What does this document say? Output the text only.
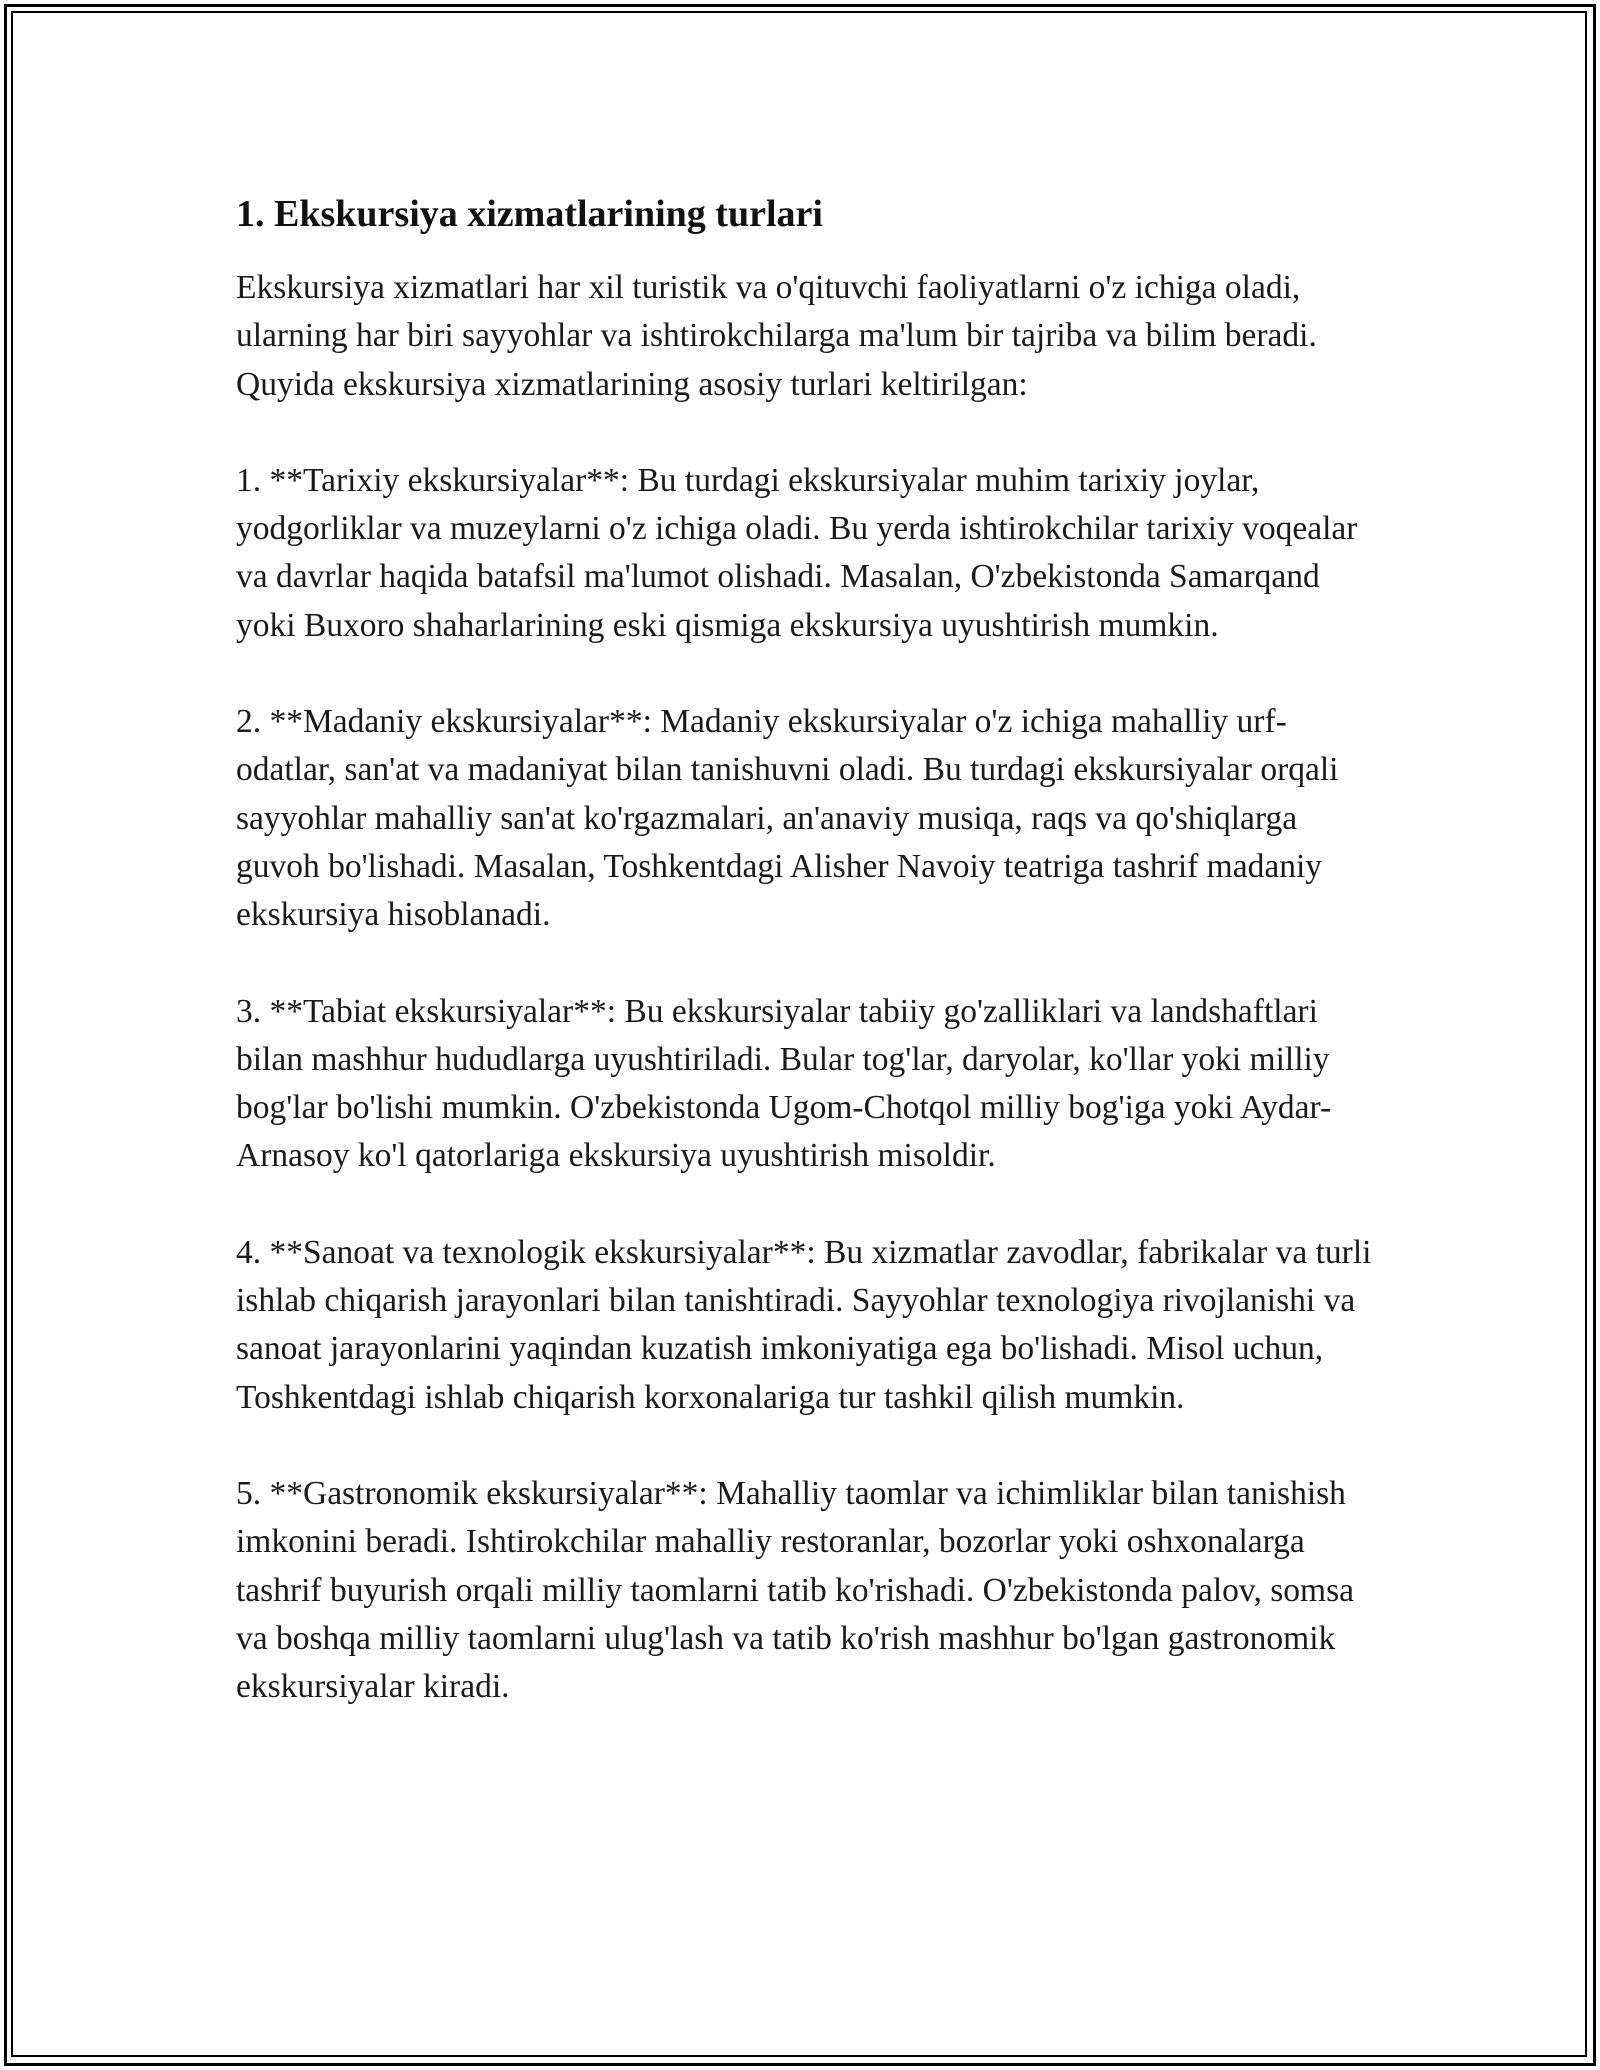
1. Ekskursiya xizmatlarining turlari

Ekskursiya xizmatlari har xil turistik va o'qituvchi faoliyatlarni o'z ichiga oladi, ularning har biri sayyohlar va ishtirokchilarga ma'lum bir tajriba va bilim beradi. Quyida ekskursiya xizmatlarining asosiy turlari keltirilgan:

1. **Tarixiy ekskursiyalar**: Bu turdagi ekskursiyalar muhim tarixiy joylar, yodgorliklar va muzeylarni o'z ichiga oladi. Bu yerda ishtirokchilar tarixiy voqealar va davrlar haqida batafsil ma'lumot olishadi. Masalan, O'zbekistonda Samarqand yoki Buxoro shaharlarining eski qismiga ekskursiya uyushtirish mumkin.

2. **Madaniy ekskursiyalar**: Madaniy ekskursiyalar o'z ichiga mahalliy urf-odatlar, san'at va madaniyat bilan tanishuvni oladi. Bu turdagi ekskursiyalar orqali sayyohlar mahalliy san'at ko'rgazmalari, an'anaviy musiqa, raqs va qo'shiqlarga guvoh bo'lishadi. Masalan, Toshkentdagi Alisher Navoiy teatriga tashrif madaniy ekskursiya hisoblanadi.

3. **Tabiat ekskursiyalar**: Bu ekskursiyalar tabiiy go'zalliklari va landshaftlari bilan mashhur hududlarga uyushtiriladi. Bular tog'lar, daryolar, ko'llar yoki milliy bog'lar bo'lishi mumkin. O'zbekistonda Ugom-Chotqol milliy bog'iga yoki Aydar-Arnasoy ko'l qatorlariga ekskursiya uyushtirish misoldir.

4. **Sanoat va texnologik ekskursiyalar**: Bu xizmatlar zavodlar, fabrikalar va turli ishlab chiqarish jarayonlari bilan tanishtiradi. Sayyohlar texnologiya rivojlanishi va sanoat jarayonlarini yaqindan kuzatish imkoniyatiga ega bo'lishadi. Misol uchun, Toshkentdagi ishlab chiqarish korxonalariga tur tashkil qilish mumkin.

5. **Gastronomik ekskursiyalar**: Mahalliy taomlar va ichimliklar bilan tanishish imkonini beradi. Ishtirokchilar mahalliy restoranlar, bozorlar yoki oshxonalarga tashrif buyurish orqali milliy taomlarni tatib ko'rishadi. O'zbekistonda palov, somsa va boshqa milliy taomlarni ulug'lash va tatib ko'rish mashhur bo'lgan gastronomik ekskursiyalar kiradi.
